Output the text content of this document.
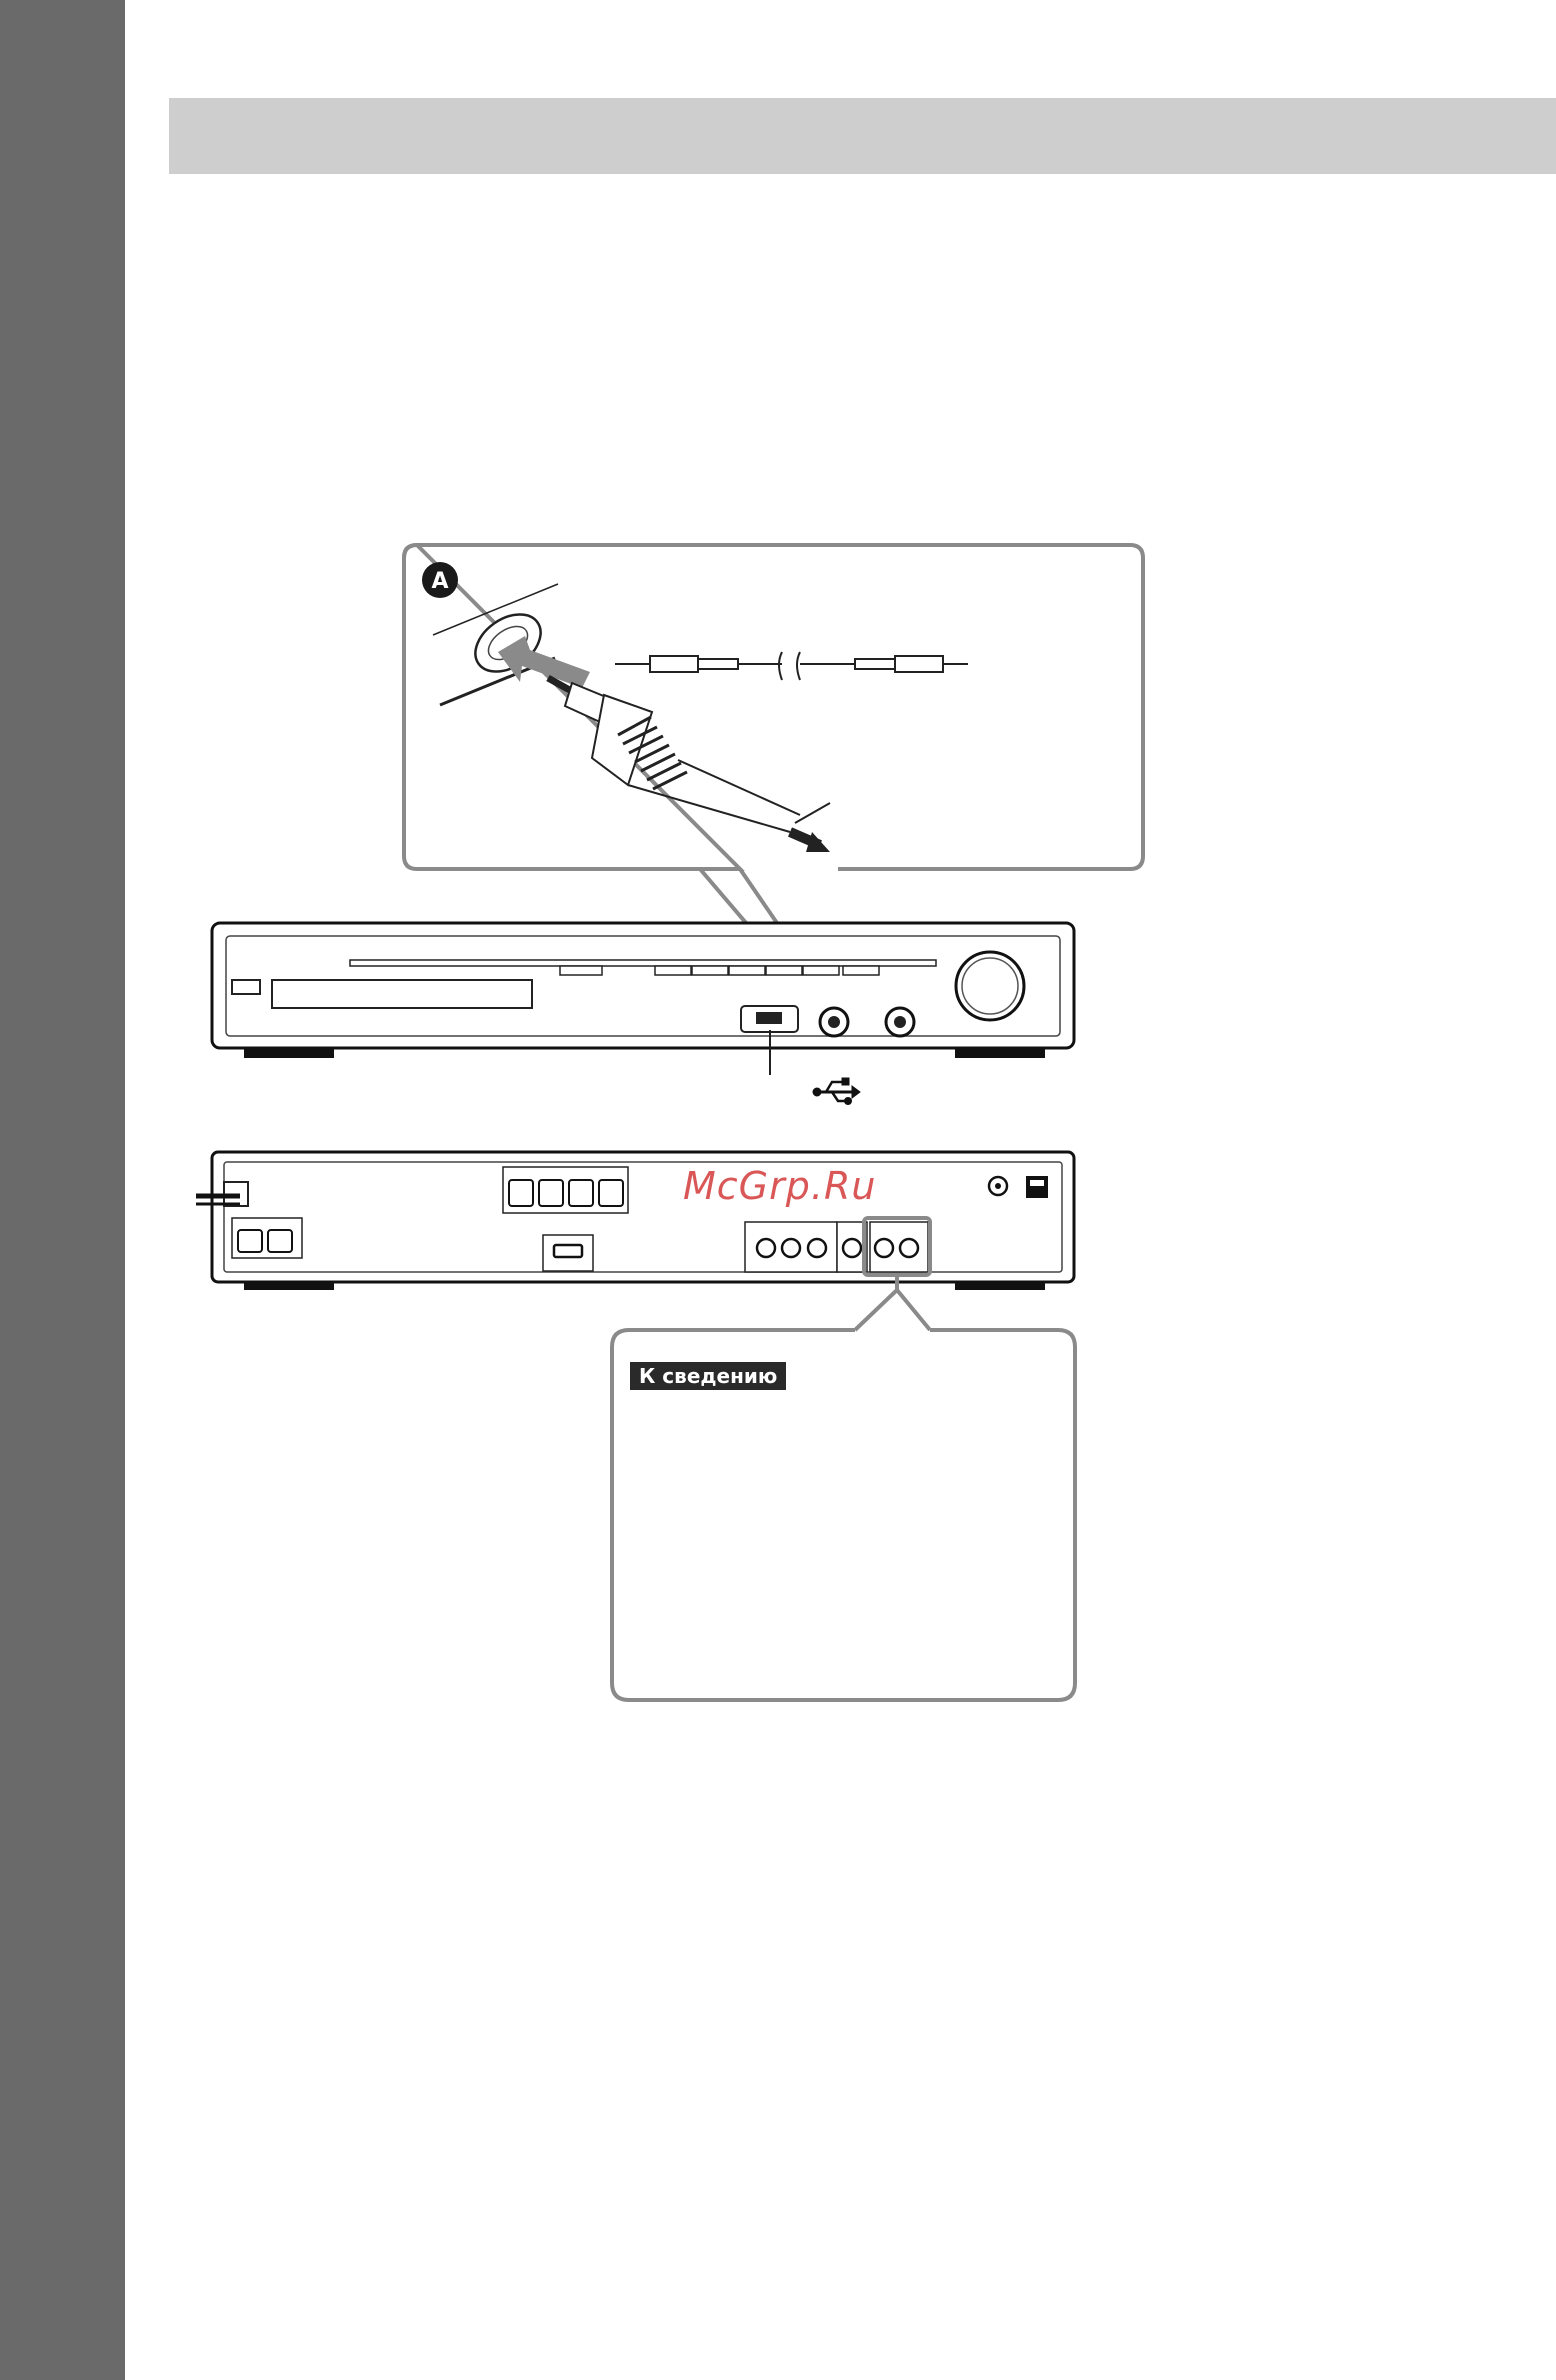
A
К сведению
McGrp.Ru
